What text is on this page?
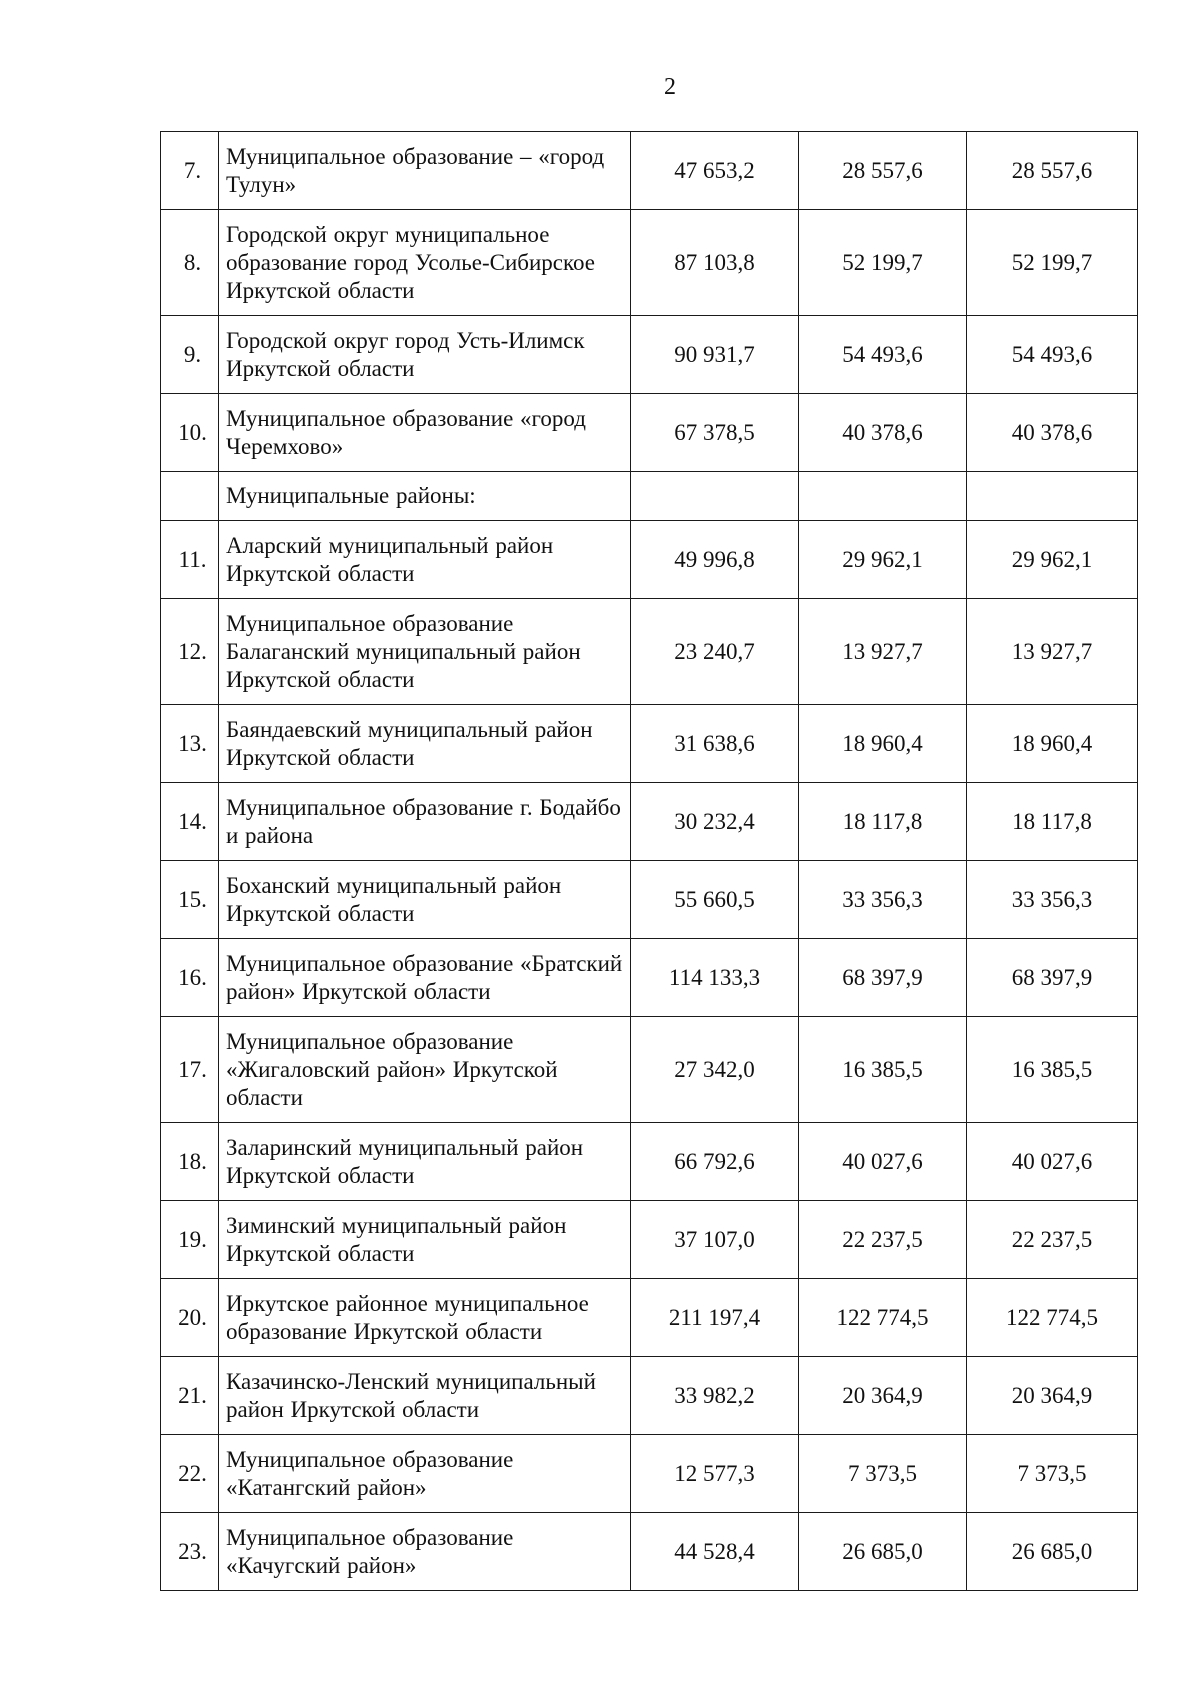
2
7.	Муниципальное образование – «город Тулун»	47 653,2	28 557,6	28 557,6
8.	Городской округ муниципальное образование город Усолье-Сибирское Иркутской области	87 103,8	52 199,7	52 199,7
9.	Городской округ город Усть-Илимск Иркутской области	90 931,7	54 493,6	54 493,6
10.	Муниципальное образование «город Черемхово»	67 378,5	40 378,6	40 378,6
	Муниципальные районы:			
11.	Аларский муниципальный район Иркутской области	49 996,8	29 962,1	29 962,1
12.	Муниципальное образование Балаганский муниципальный район Иркутской области	23 240,7	13 927,7	13 927,7
13.	Баяндаевский муниципальный район Иркутской области	31 638,6	18 960,4	18 960,4
14.	Муниципальное образование г. Бодайбо и района	30 232,4	18 117,8	18 117,8
15.	Боханский муниципальный район Иркутской области	55 660,5	33 356,3	33 356,3
16.	Муниципальное образование «Братский район» Иркутской области	114 133,3	68 397,9	68 397,9
17.	Муниципальное образование «Жигаловский район» Иркутской области	27 342,0	16 385,5	16 385,5
18.	Заларинский муниципальный район Иркутской области	66 792,6	40 027,6	40 027,6
19.	Зиминский муниципальный район Иркутской области	37 107,0	22 237,5	22 237,5
20.	Иркутское районное муниципальное образование Иркутской области	211 197,4	122 774,5	122 774,5
21.	Казачинско-Ленский муниципальный район Иркутской области	33 982,2	20 364,9	20 364,9
22.	Муниципальное образование «Катангский район»	12 577,3	7 373,5	7 373,5
23.	Муниципальное образование «Качугский район»	44 528,4	26 685,0	26 685,0
